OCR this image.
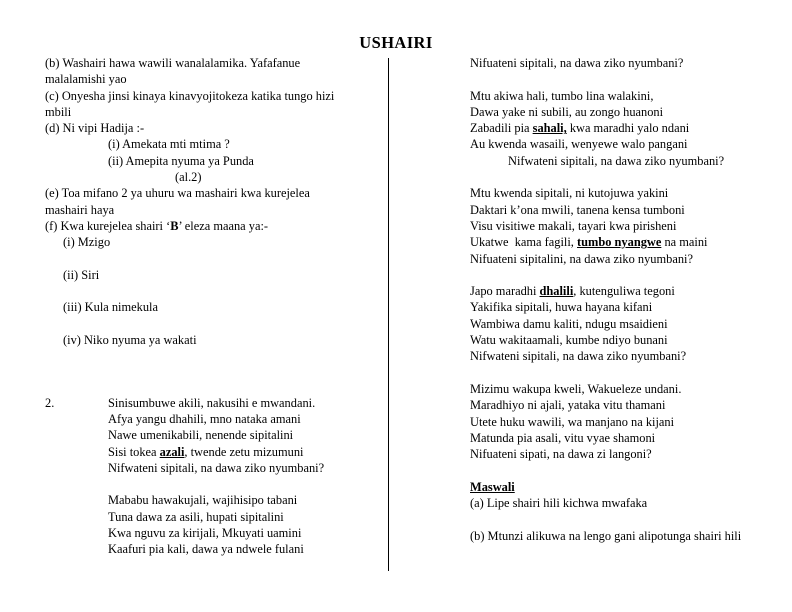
USHAIRI
(b) Washairi hawa wawili wanalalamika. Yafafanue
malalamishi yao
(c) Onyesha jinsi kinaya kinavyojitokeza katika tungo hizi
mbili
(d) Ni vipi Hadija :-
(i) Amekata mti mtima ?
(ii) Amepita nyuma ya Punda
(al.2)
(e) Toa mifano 2 ya uhuru wa mashairi kwa kurejelea
mashairi haya
(f) Kwa kurejelea shairi ‘B’ eleza maana ya:-
(i) Mzigo
(ii) Siri
(iii) Kula nimekula
(iv) Niko nyuma ya wakati
2.	Sinisumbuwe akili, nakusihi e mwandani.
Afya yangu dhahili, mno nataka amani
Nawe umenikabili, nenende sipitalini
Sisi tokea azali, twende zetu mizumuni
Nifwateni sipitali, na dawa ziko nyumbani?
Mababu hawakujali, wajihisipo tabani
Tuna dawa za asili, hupati sipitalini
Kwa nguvu za kirijali, Mkuyati uamini
Kaafuri pia kali, dawa ya ndwele fulani
Nifuateni sipitali, na dawa ziko nyumbani?
Mtu akiwa hali, tumbo lina walakini,
Dawa yake ni subili, au zongo huanoni
Zabadili pia sahali, kwa maradhi yalo ndani
Au kwenda wasaili, wenyewe walo pangani
Nifwateni sipitali, na dawa ziko nyumbani?
Mtu kwenda sipitali, ni kutojuwa yakini
Daktari k’ona mwili, tanena kensa tumboni
Visu visitiwe makali, tayari kwa pirisheni
Ukatwe  kama fagili, tumbo nyangwe na maini
Nifuateni sipitalini, na dawa ziko nyumbani?
Japo maradhi dhalili, kutenguliwa tegoni
Yakifika sipitali, huwa hayana kifani
Wambiwa damu kaliti, ndugu msaidieni
Watu wakitaamali, kumbe ndiyo bunani
Nifwateni sipitali, na dawa ziko nyumbani?
Mizimu wakupa kweli, Wakueleze undani.
Maradhiyo ni ajali, yataka vitu thamani
Utete huku wawili, wa manjano na kijani
Matunda pia asali, vitu vyae shamoni
Nifuateni sipati, na dawa zi langoni?
Maswali
(a) Lipe shairi hili kichwa mwafaka
(b) Mtunzi alikuwa na lengo gani alipotunga shairi hili
